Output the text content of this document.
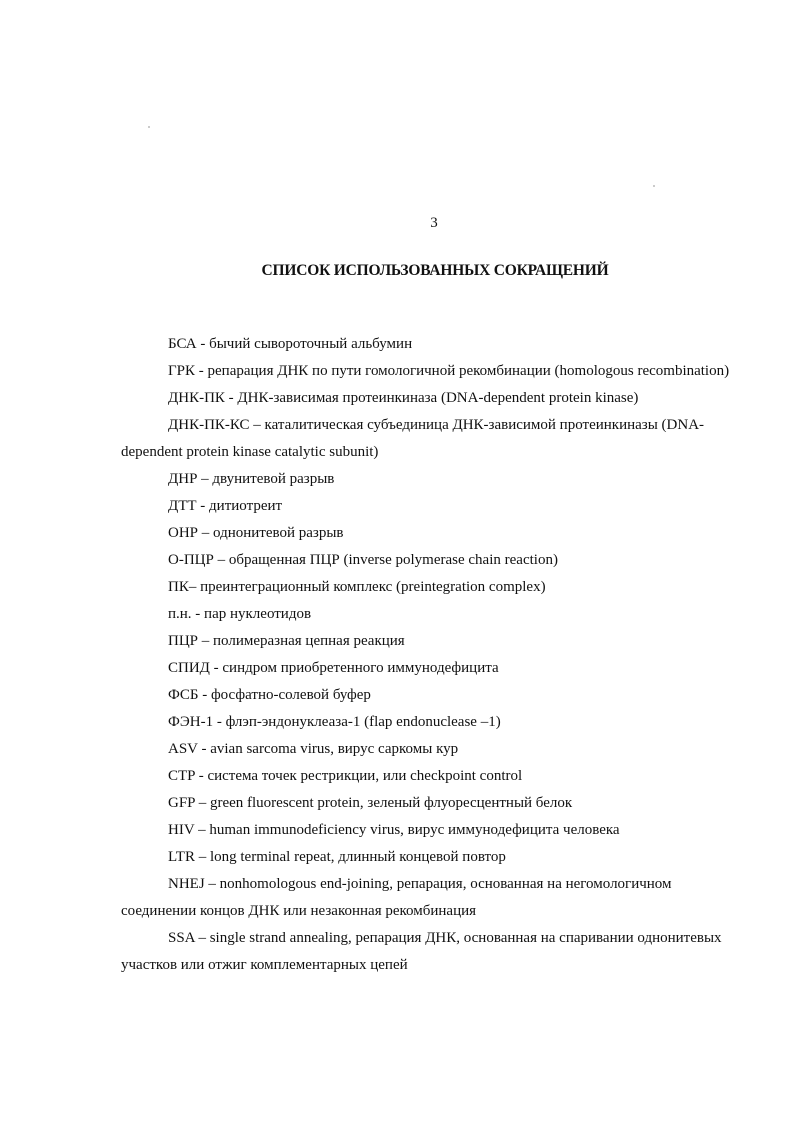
3
СПИСОК ИСПОЛЬЗОВАННЫХ СОКРАЩЕНИЙ

БСА - бычий сывороточный альбумин

ГРК - репарация ДНК по пути гомологичной рекомбинации (homologous recombination)

ДНК-ПК - ДНК-зависимая протеинкиназа (DNA-dependent protein kinase)

ДНК-ПК-КС – каталитическая субъединица ДНК-зависимой протеинкиназы (DNA-dependent protein kinase catalytic subunit)

ДНР – двунитевой разрыв

ДТТ - дитиотреит

ОНР – однонитевой разрыв

О-ПЦР – обращенная ПЦР (inverse polymerase chain reaction)

ПК– преинтеграционный комплекс (preintegration complex)

п.н. - пар нуклеотидов

ПЦР – полимеразная цепная реакция

СПИД - синдром приобретенного иммунодефицита

ФСБ - фосфатно-солевой буфер

ФЭН-1 - флэп-эндонуклеаза-1 (flap endonuclease –1)

ASV - avian sarcoma virus, вирус саркомы кур

CTP - система точек рестрикции, или checkpoint control

GFP – green fluorescent protein, зеленый флуоресцентный белок

HIV – human immunodeficiency virus, вирус иммунодефицита человека

LTR – long terminal repeat, длинный концевой повтор

NHEJ – nonhomologous end-joining, репарация, основанная на негомологичном соединении концов ДНК или незаконная рекомбинация

SSA – single strand annealing, репарация ДНК, основанная на спаривании однонитевых участков или отжиг комплементарных цепей
